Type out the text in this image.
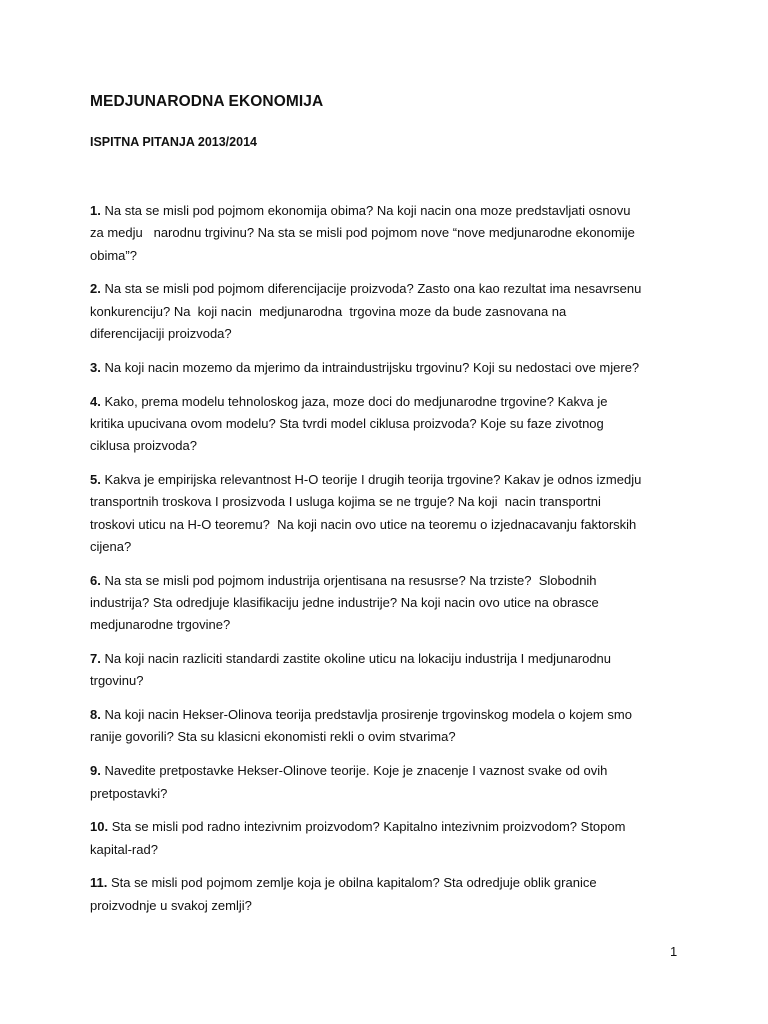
MEDJUNARODNA EKONOMIJA
ISPITNA PITANJA 2013/2014
1. Na sta se misli pod pojmom ekonomija obima? Na koji nacin ona moze predstavljati osnovu
za medju   narodnu trgivinu? Na sta se misli pod pojmom nove “nove medjunarodne ekonomije
obima”?
2. Na sta se misli pod pojmom diferencijacije proizvoda? Zasto ona kao rezultat ima nesavrsenu
konkurenciju? Na  koji nacin  medjunarodna  trgovina moze da bude zasnovana na
diferencijaciji proizvoda?
3. Na koji nacin mozemo da mjerimo da intraindustrijsku trgovinu? Koji su nedostaci ove mjere?
4. Kako, prema modelu tehnoloskog jaza, moze doci do medjunarodne trgovine? Kakva je
kritika upucivana ovom modelu? Sta tvrdi model ciklusa proizvoda? Koje su faze zivotnog
ciklusa proizvoda?
5. Kakva je empirijska relevantnost H-O teorije I drugih teorija trgovine? Kakav je odnos izmedju
transportnih troskova I prosizvoda I usluga kojima se ne trguje? Na koji  nacin transportni
troskovi uticu na H-O teoremu?  Na koji nacin ovo utice na teoremu o izjednacavanju faktorskih
cijena?
6. Na sta se misli pod pojmom industrija orjentisana na resusrse? Na trziste?  Slobodnih
industrija? Sta odredjuje klasifikaciju jedne industrije? Na koji nacin ovo utice na obrasce
medjunarodne trgovine?
7. Na koji nacin razliciti standardi zastite okoline uticu na lokaciju industrija I medjunarodnu
trgovinu?
8. Na koji nacin Hekser-Olinova teorija predstavlja prosirenje trgovinskog modela o kojem smo
ranije govorili? Sta su klasicni ekonomisti rekli o ovim stvarima?
9. Navedite pretpostavke Hekser-Olinove teorije. Koje je znacenje I vaznost svake od ovih
pretpostavki?
10. Sta se misli pod radno intezivnim proizvodom? Kapitalno intezivnim proizvodom? Stopom
kapital-rad?
11. Sta se misli pod pojmom zemlje koja je obilna kapitalom? Sta odredjuje oblik granice
proizvodnje u svakoj zemlji?
1
